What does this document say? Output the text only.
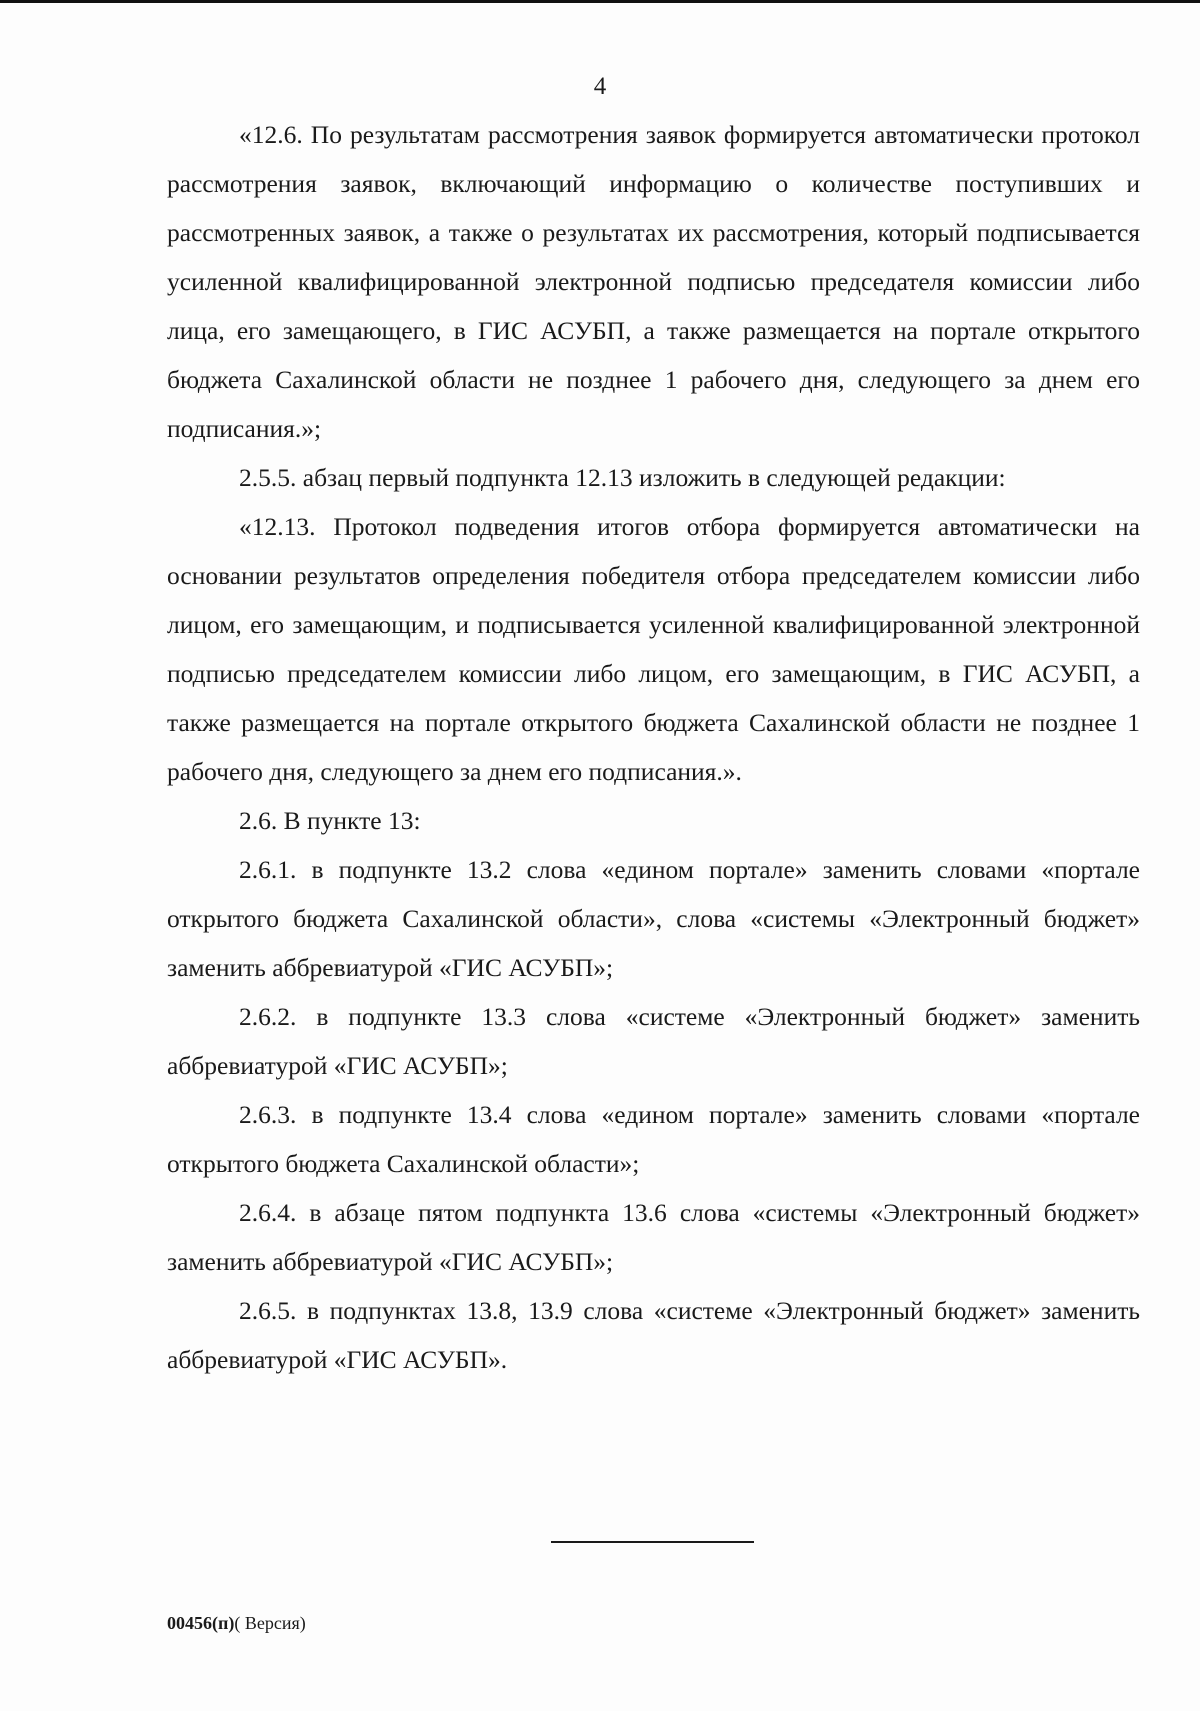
4

«12.6. По результатам рассмотрения заявок формируется автоматически протокол рассмотрения заявок, включающий информацию о количестве поступивших и рассмотренных заявок, а также о результатах их рассмотрения, который подписывается усиленной квалифицированной электронной подписью председателя комиссии либо лица, его замещающего, в ГИС АСУБП, а также размещается на портале открытого бюджета Сахалинской области не позднее 1 рабочего дня, следующего за днем его подписания.»;

2.5.5. абзац первый подпункта 12.13 изложить в следующей редакции:

«12.13. Протокол подведения итогов отбора формируется автоматически на основании результатов определения победителя отбора председателем комиссии либо лицом, его замещающим, и подписывается усиленной квалифицированной электронной подписью председателем комиссии либо лицом, его замещающим, в ГИС АСУБП, а также размещается на портале открытого бюджета Сахалинской области не позднее 1 рабочего дня, следующего за днем его подписания.».

2.6. В пункте 13:

2.6.1. в подпункте 13.2 слова «едином портале» заменить словами «портале открытого бюджета Сахалинской области», слова «системы «Электронный бюджет» заменить аббревиатурой «ГИС АСУБП»;

2.6.2. в подпункте 13.3 слова «системе «Электронный бюджет» заменить аббревиатурой «ГИС АСУБП»;

2.6.3. в подпункте 13.4 слова «едином портале» заменить словами «портале открытого бюджета Сахалинской области»;

2.6.4. в абзаце пятом подпункта 13.6 слова «системы «Электронный бюджет» заменить аббревиатурой «ГИС АСУБП»;

2.6.5. в подпунктах 13.8, 13.9 слова «системе «Электронный бюджет» заменить аббревиатурой «ГИС АСУБП».

00456(п)( Версия)
